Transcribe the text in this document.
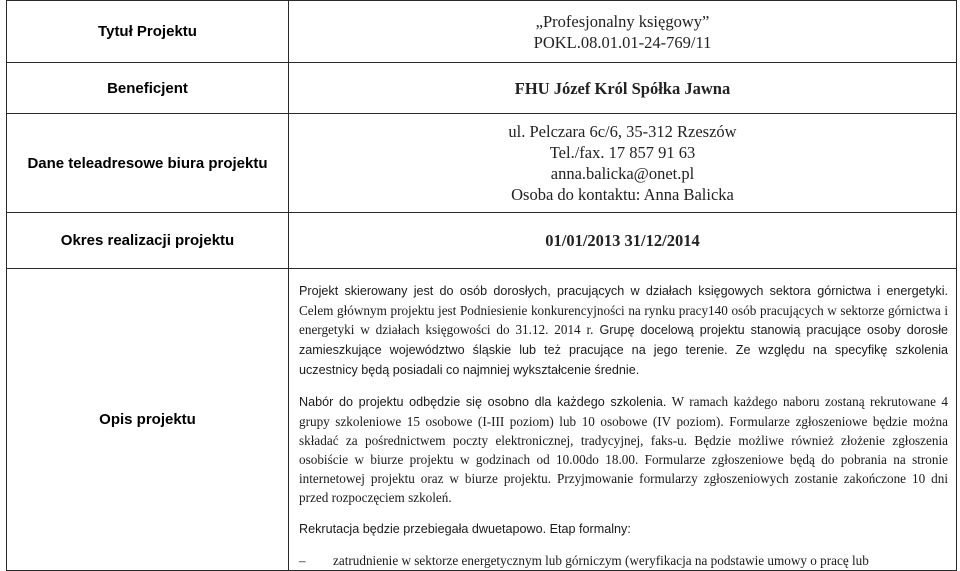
Tytuł Projektu	„Profesjonalny księgowy”
POKL.08.01.01-24-769/11

Beneficjent	FHU Józef Król Spółka Jawna
Dane teleadresowe biura projektu	ul. Pelczara 6c/6, 35-312 Rzeszów
Tel./fax. 17 857 91 63
anna.balicka@onet.pl
Osoba do kontaktu: Anna Balicka

Okres realizacji projektu	01/01/2013 31/12/2014
Opis projektu	Projekt skierowany jest do osób dorosłych, pracujących w działach księgowych sektora górnictwa i energetyki. Celem głównym projektu jest Podniesienie konkurencyjności na rynku pracy140 osób pracujących w sektorze górnictwa i energetyki w działach księgowości do 31.12. 2014 r. Grupę docelową projektu stanowią pracujące osoby dorosłe zamieszkujące województwo śląskie lub też pracujące na jego terenie. Ze względu na specyfikę szkolenia uczestnicy będą posiadali co najmniej wykształcenie średnie.

Nabór do projektu odbędzie się osobno dla każdego szkolenia. W ramach każdego naboru zostaną rekrutowane 4 grupy szkoleniowe 15 osobowe (I-III poziom) lub 10 osobowe (IV poziom). Formularze zgłoszeniowe będzie można składać za pośrednictwem poczty elektronicznej, tradycyjnej, faks-u. Będzie możliwe również złożenie zgłoszenia osobiście w biurze projektu w godzinach od 10.00do 18.00. Formularze zgłoszeniowe będą do pobrania na stronie internetowej projektu oraz w biurze projektu. Przyjmowanie formularzy zgłoszeniowych zostanie zakończone 10 dni przed rozpoczęciem szkoleń.

Rekrutacja będzie przebiegała dwuetapowo. Etap formalny:

– zatrudnienie w sektorze energetycznym lub górniczym (weryfikacja na podstawie umowy o pracę lub
